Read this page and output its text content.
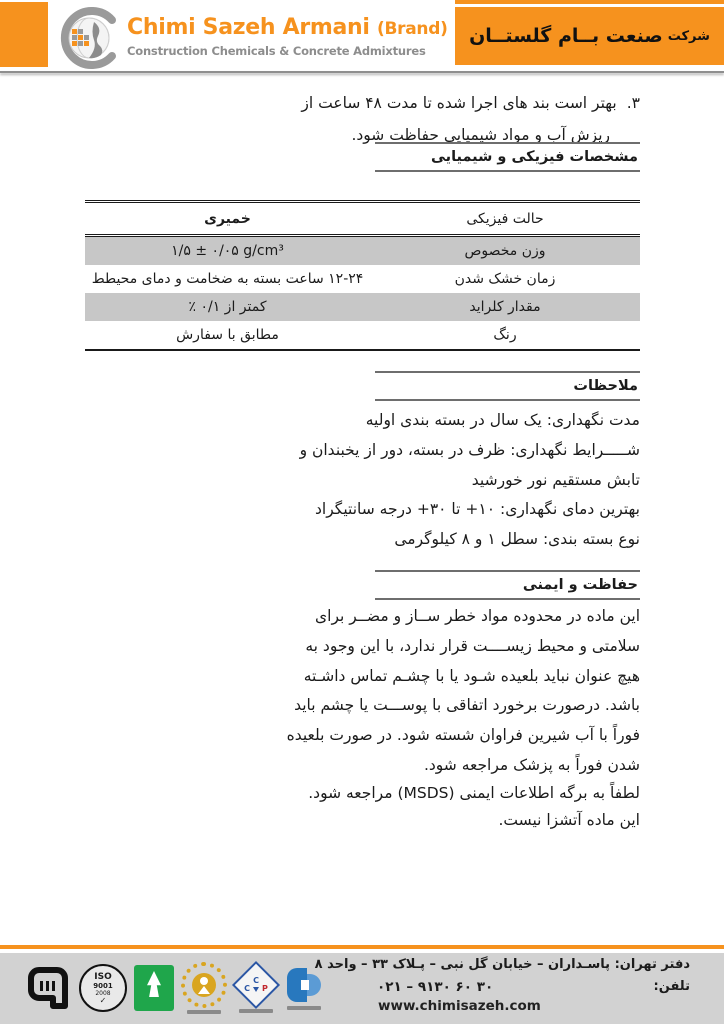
Chimi Sazeh Armani (Brand)
Construction Chemicals & Concrete Admixtures
شرکت
صنعت بــام گلستــان
۳.بهتر است بند های اجرا شده تا مدت ۴۸ ساعت از
ریزش آب و مواد شیمیایی حفاظت شود.
مشخصات فیزیکی و شیمیایی
حالت فیزیکی
خمیری
وزن مخصوص
۱/۵ ± ۰/۰۵ g/cm³
زمان خشک شدن
۱۲-۲۴ ساعت بسته به ضخامت و دمای محیطط
مقدار کلراید
کمتر از ۰/۱ ٪
رنگ
مطابق با سفارش
ملاحظات
مدت نگهداری: یک سال در بسته بندی اولیه
شـــــرایط نگهداری: ظرف در بسته، دور از یخبندان و
تابش مستقیم نور خورشید
بهترین دمای نگهداری: ۱۰+ تا ۳۰+ درجه سانتیگراد
نوع بسته بندی: سطل ۱ و ۸ کیلوگرمی
حفاظت و ایمنی
این ماده در محدوده مواد خطر ســاز و مضــر برای
سلامتی و محیط زیســــت قرار ندارد، با این وجود به
هیچ عنوان نباید بلعیده شـود یا با چشـم تماس داشـته
باشد. درصورت برخورد اتفاقی با پوســـت یا چشم باید
فوراً با آب شیرین فراوان شسته شود. در صورت بلعیده
شدن فوراً به پزشک مراجعه شود.
لطفاً به برگه اطلاعات ایمنی (MSDS) مراجعه شود.
این ماده آتشزا نیست.
دفتر تهران: پاسـداران – خیابان گل نبی – پـلاک ۳۳ – واحد ۸
تلفن:
۰۲۱ – ۹۱۳۰ ۶۰ ۳۰
www.chimisazeh.com
ISO
9001
2008
✓
C
C P
